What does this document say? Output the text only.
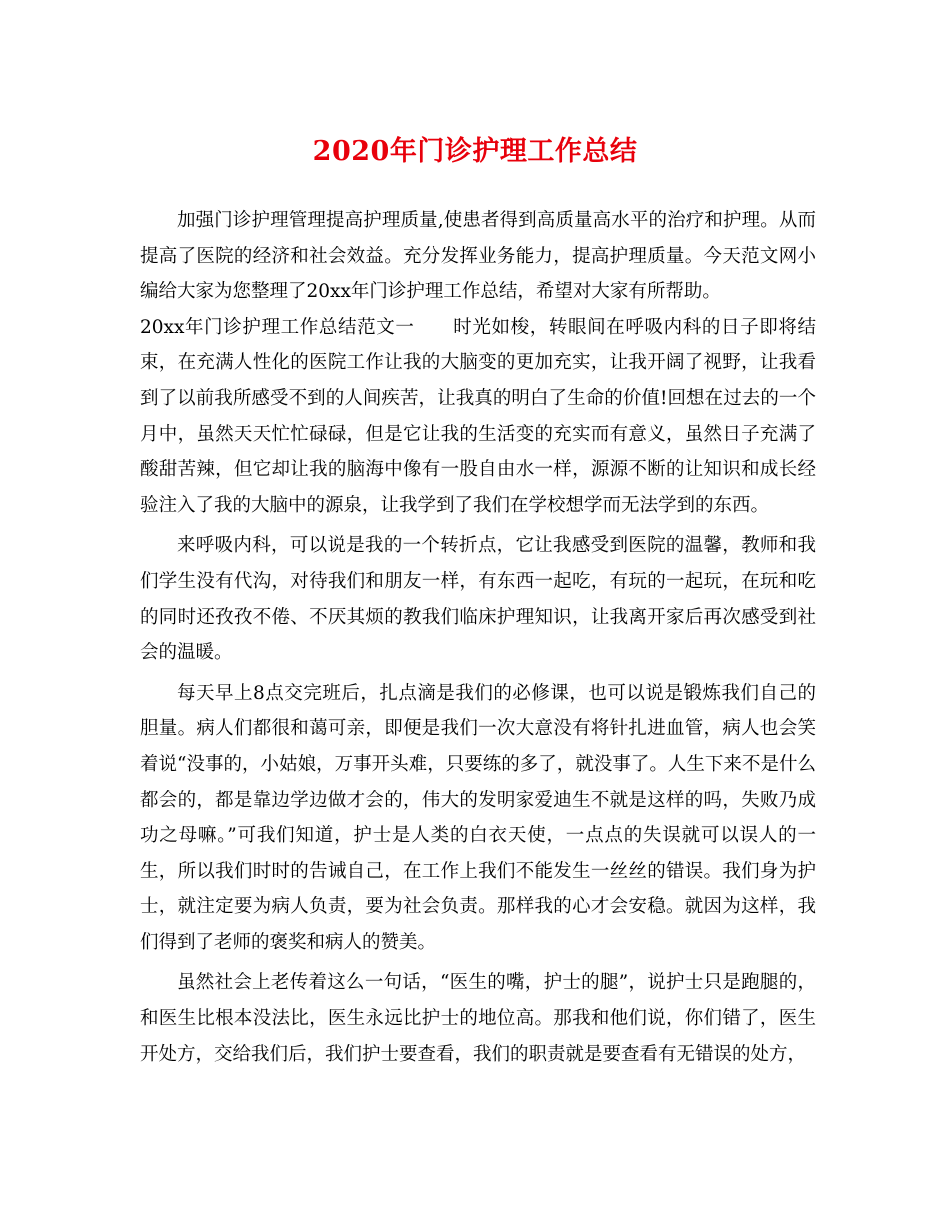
2020年门诊护理工作总结

加强门诊护理管理提高护理质量,使患者得到高质量高水平的治疗和护理。从而提高了医院的经济和社会效益。充分发挥业务能力，提高护理质量。今天范文网小编给大家为您整理了20xx年门诊护理工作总结，希望对大家有所帮助。

20xx年门诊护理工作总结范文一 时光如梭，转眼间在呼吸内科的日子即将结束，在充满人性化的医院工作让我的大脑变的更加充实，让我开阔了视野，让我看到了以前我所感受不到的人间疾苦，让我真的明白了生命的价值!回想在过去的一个月中，虽然天天忙忙碌碌，但是它让我的生活变的充实而有意义，虽然日子充满了酸甜苦辣，但它却让我的脑海中像有一股自由水一样，源源不断的让知识和成长经验注入了我的大脑中的源泉，让我学到了我们在学校想学而无法学到的东西。

来呼吸内科，可以说是我的一个转折点，它让我感受到医院的温馨，教师和我们学生没有代沟，对待我们和朋友一样，有东西一起吃，有玩的一起玩，在玩和吃的同时还孜孜不倦、不厌其烦的教我们临床护理知识，让我离开家后再次感受到社会的温暖。

每天早上8点交完班后，扎点滴是我们的必修课，也可以说是锻炼我们自己的胆量。病人们都很和蔼可亲，即便是我们一次大意没有将针扎进血管，病人也会笑着说“没事的，小姑娘，万事开头难，只要练的多了，就没事了。人生下来不是什么都会的，都是靠边学边做才会的，伟大的发明家爱迪生不就是这样的吗，失败乃成功之母嘛。”可我们知道，护士是人类的白衣天使，一点点的失误就可以误人的一生，所以我们时时的告诫自己，在工作上我们不能发生一丝丝的错误。我们身为护士，就注定要为病人负责，要为社会负责。那样我的心才会安稳。就因为这样，我们得到了老师的褒奖和病人的赞美。

虽然社会上老传着这么一句话，“医生的嘴，护士的腿”，说护士只是跑腿的，和医生比根本没法比，医生永远比护士的地位高。那我和他们说，你们错了，医生开处方，交给我们后，我们护士要查看，我们的职责就是要查看有无错误的处方，
